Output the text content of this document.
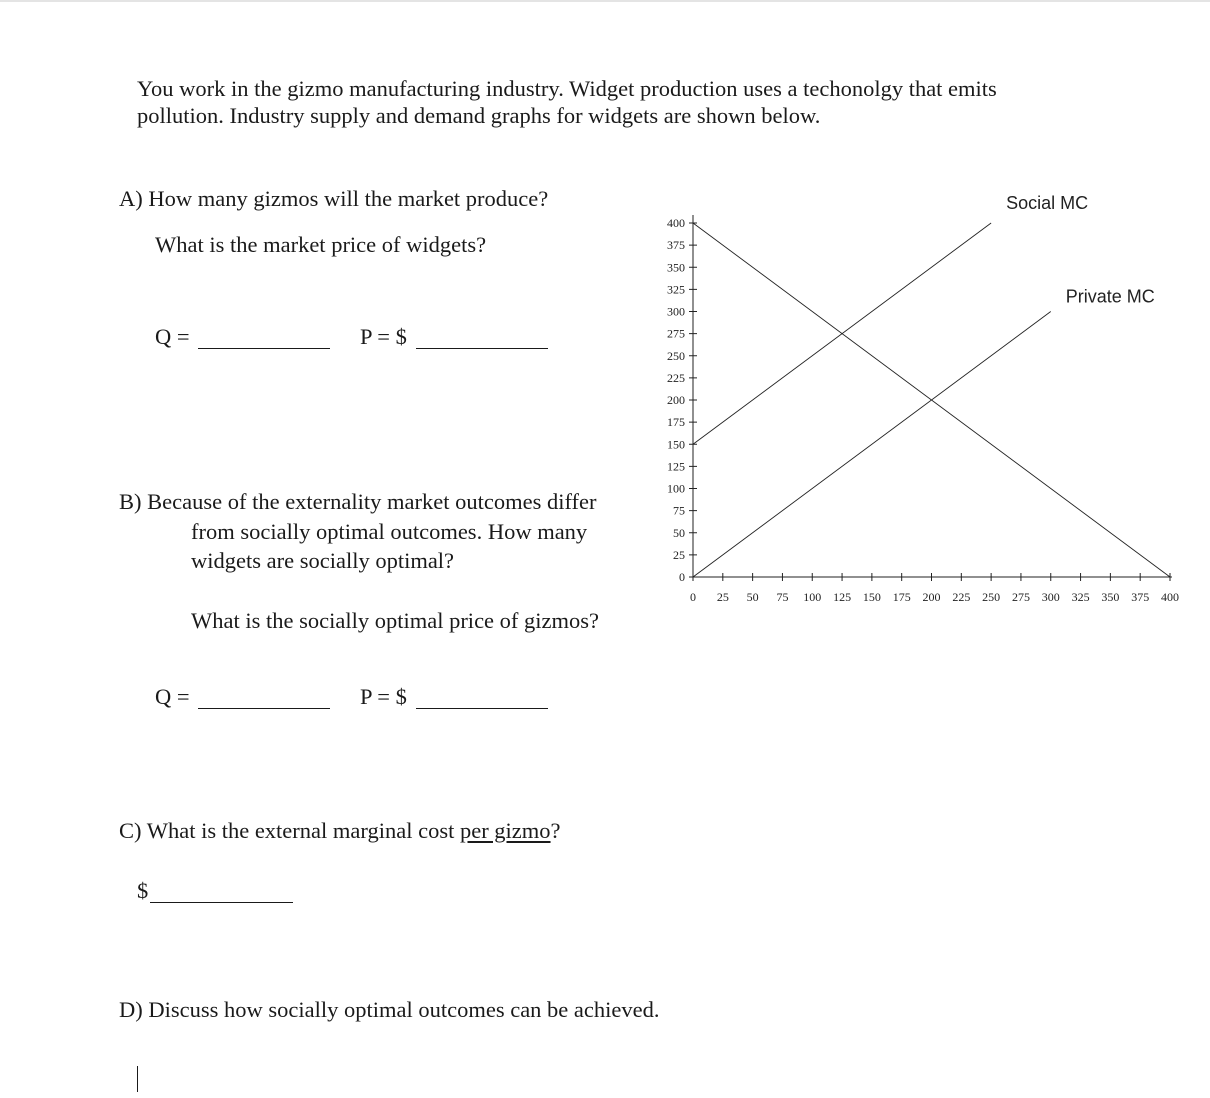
You work in the gizmo manufacturing industry. Widget production uses a techonolgy that emits
pollution. Industry supply and demand graphs for widgets are shown below.
A) How many gizmos will the market produce?
What is the market price of widgets?
Q =	P = $
B) Because of the externality market outcomes differ
from socially optimal outcomes. How many
widgets are socially optimal?
What is the socially optimal price of gizmos?
Q =	P = $
C) What is the external marginal cost per gizmo?
$
D) Discuss how socially optimal outcomes can be achieved.
0
25
50
75
100
125
150
175
200
225
250
275
300
325
350
375
400
0 25 50 75 100 125 150 175 200 225 250 275 300 325 350 375 400
Social MC
Private MC
